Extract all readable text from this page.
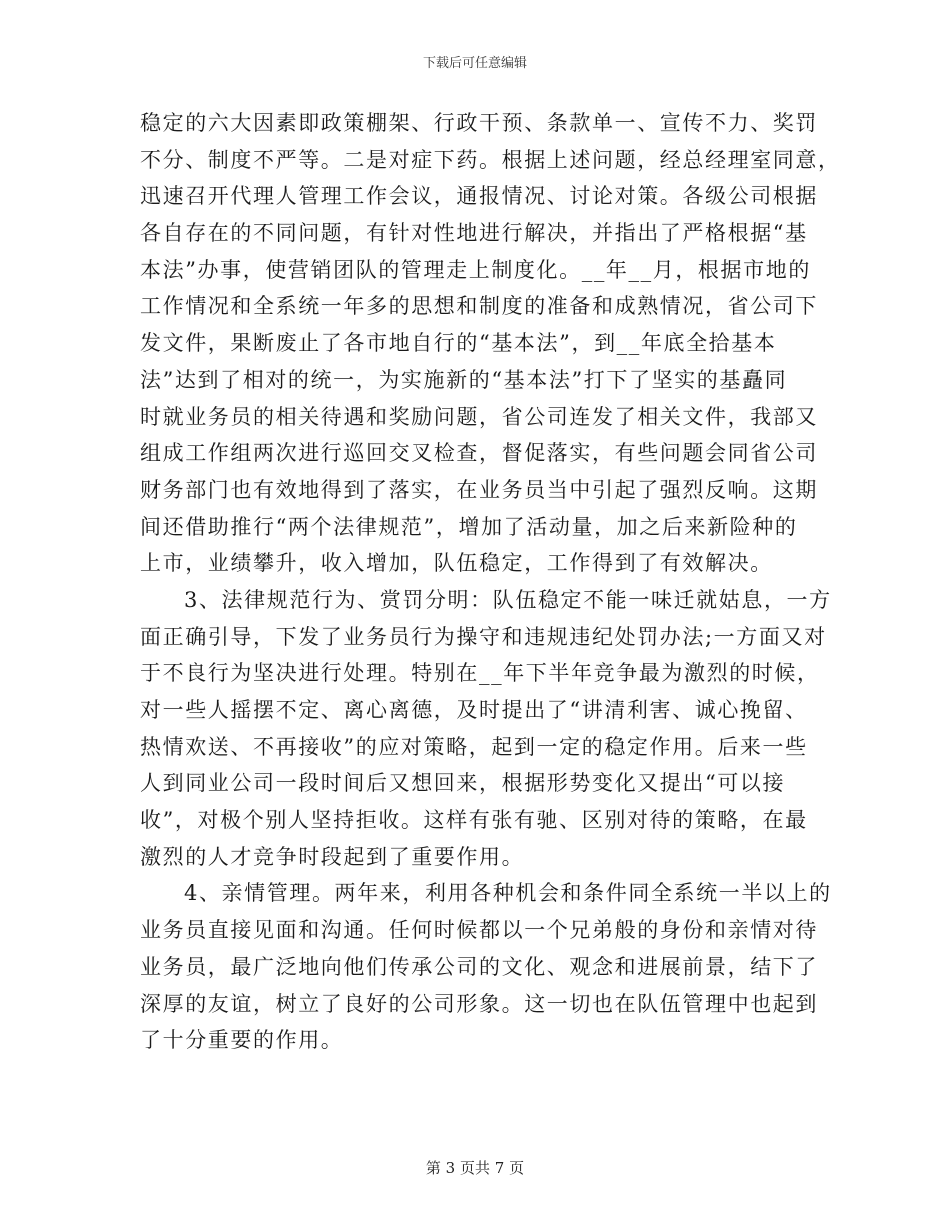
下载后可任意编辑
稳定的六大因素即政策棚架、行政干预、条款单一、宣传不力、奖罚
不分、制度不严等。二是对症下药。根据上述问题，经总经理室同意，
迅速召开代理人管理工作会议，通报情况、讨论对策。各级公司根据
各自存在的不同问题，有针对性地进行解决，并指出了严格根据“基
本法”办事，使营销团队的管理走上制度化。__年__月，根据市地的
工作情况和全系统一年多的思想和制度的准备和成熟情况，省公司下
发文件，果断废止了各市地自行的“基本法”，到__年底全拾基本
法”达到了相对的统一，为实施新的“基本法”打下了坚实的基矗同
时就业务员的相关待遇和奖励问题，省公司连发了相关文件，我部又
组成工作组两次进行巡回交叉检查，督促落实，有些问题会同省公司
财务部门也有效地得到了落实，在业务员当中引起了强烈反响。这期
间还借助推行“两个法律规范”，增加了活动量，加之后来新险种的
上市，业绩攀升，收入增加，队伍稳定，工作得到了有效解决。
3、法律规范行为、赏罚分明：队伍稳定不能一味迁就姑息，一方
面正确引导，下发了业务员行为操守和违规违纪处罚办法;一方面又对
于不良行为坚决进行处理。特别在__年下半年竞争最为激烈的时候，
对一些人摇摆不定、离心离德，及时提出了“讲清利害、诚心挽留、
热情欢送、不再接收”的应对策略，起到一定的稳定作用。后来一些
人到同业公司一段时间后又想回来，根据形势变化又提出“可以接
收”，对极个别人坚持拒收。这样有张有驰、区别对待的策略，在最
激烈的人才竞争时段起到了重要作用。
4、亲情管理。两年来，利用各种机会和条件同全系统一半以上的
业务员直接见面和沟通。任何时候都以一个兄弟般的身份和亲情对待
业务员，最广泛地向他们传承公司的文化、观念和进展前景，结下了
深厚的友谊，树立了良好的公司形象。这一切也在队伍管理中也起到
了十分重要的作用。
第 3 页共 7 页
